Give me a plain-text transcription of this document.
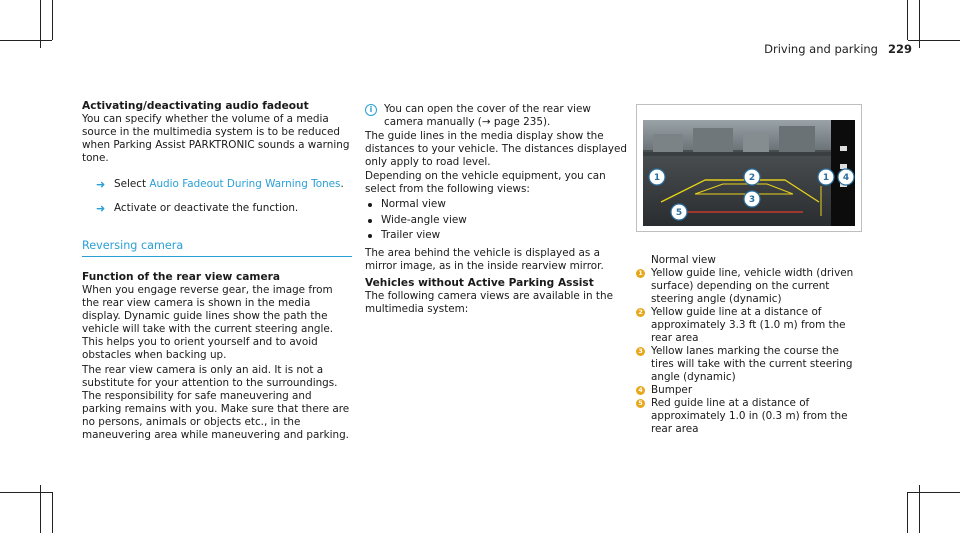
Driving and parking 229
Activating/deactivating audio fadeout

You can specify whether the volume of a media source in the multimedia system is to be reduced when Parking Assist PARKTRONIC sounds a warning tone.

➜ Select Audio Fadeout During Warning Tones.
➜ Activate or deactivate the function.
Reversing camera
Function of the rear view camera

When you engage reverse gear, the image from the rear view camera is shown in the media display. Dynamic guide lines show the path the vehicle will take with the current steering angle. This helps you to orient yourself and to avoid obstacles when backing up.

The rear view camera is only an aid. It is not a substitute for your attention to the surroundings. The responsibility for safe maneuvering and parking remains with you. Make sure that there are no persons, animals or objects etc., in the maneuvering area while maneuvering and parking.

i	You can open the cover of the rear view camera manually (→ page 235).

The guide lines in the media display show the distances to your vehicle. The distances displayed only apply to road level.

Depending on the vehicle equipment, you can select from the following views:

Normal view
Wide-angle view
Trailer view

The area behind the vehicle is displayed as a mirror image, as in the inside rearview mirror.

Vehicles without Active Parking Assist

The following camera views are available in the multimedia system:

1	2	1 4
3
5
Normal view
1 Yellow guide line, vehicle width (driven surface) depending on the current steering angle (dynamic)
2 Yellow guide line at a distance of approximately 3.3 ft (1.0 m) from the rear area
3 Yellow lanes marking the course the tires will take with the current steering angle (dynamic)
4 Bumper
5 Red guide line at a distance of approximately 1.0 in (0.3 m) from the rear area
